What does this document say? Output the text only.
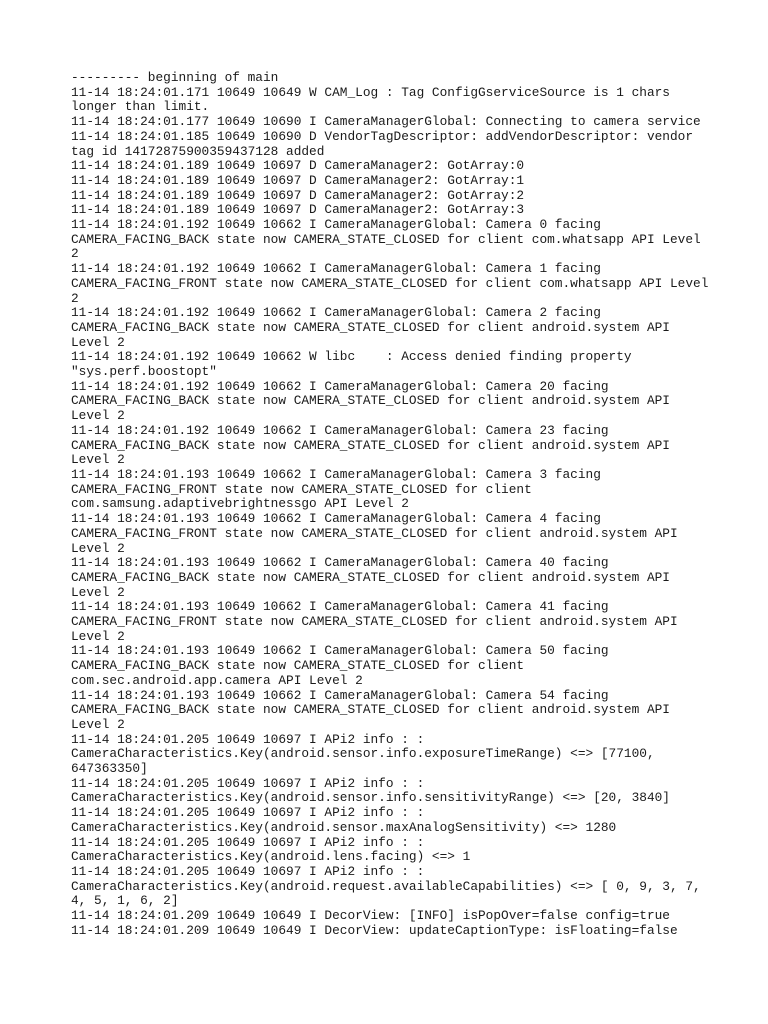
--------- beginning of main
11-14 18:24:01.171 10649 10649 W CAM_Log : Tag ConfigGserviceSource is 1 chars
longer than limit.
11-14 18:24:01.177 10649 10690 I CameraManagerGlobal: Connecting to camera service
11-14 18:24:01.185 10649 10690 D VendorTagDescriptor: addVendorDescriptor: vendor
tag id 14172875900359437128 added
11-14 18:24:01.189 10649 10697 D CameraManager2: GotArray:0
11-14 18:24:01.189 10649 10697 D CameraManager2: GotArray:1
11-14 18:24:01.189 10649 10697 D CameraManager2: GotArray:2
11-14 18:24:01.189 10649 10697 D CameraManager2: GotArray:3
11-14 18:24:01.192 10649 10662 I CameraManagerGlobal: Camera 0 facing
CAMERA_FACING_BACK state now CAMERA_STATE_CLOSED for client com.whatsapp API Level
2
11-14 18:24:01.192 10649 10662 I CameraManagerGlobal: Camera 1 facing
CAMERA_FACING_FRONT state now CAMERA_STATE_CLOSED for client com.whatsapp API Level
2
11-14 18:24:01.192 10649 10662 I CameraManagerGlobal: Camera 2 facing
CAMERA_FACING_BACK state now CAMERA_STATE_CLOSED for client android.system API
Level 2
11-14 18:24:01.192 10649 10662 W libc    : Access denied finding property
"sys.perf.boostopt"
11-14 18:24:01.192 10649 10662 I CameraManagerGlobal: Camera 20 facing
CAMERA_FACING_BACK state now CAMERA_STATE_CLOSED for client android.system API
Level 2
11-14 18:24:01.192 10649 10662 I CameraManagerGlobal: Camera 23 facing
CAMERA_FACING_BACK state now CAMERA_STATE_CLOSED for client android.system API
Level 2
11-14 18:24:01.193 10649 10662 I CameraManagerGlobal: Camera 3 facing
CAMERA_FACING_FRONT state now CAMERA_STATE_CLOSED for client
com.samsung.adaptivebrightnessgo API Level 2
11-14 18:24:01.193 10649 10662 I CameraManagerGlobal: Camera 4 facing
CAMERA_FACING_FRONT state now CAMERA_STATE_CLOSED for client android.system API
Level 2
11-14 18:24:01.193 10649 10662 I CameraManagerGlobal: Camera 40 facing
CAMERA_FACING_BACK state now CAMERA_STATE_CLOSED for client android.system API
Level 2
11-14 18:24:01.193 10649 10662 I CameraManagerGlobal: Camera 41 facing
CAMERA_FACING_FRONT state now CAMERA_STATE_CLOSED for client android.system API
Level 2
11-14 18:24:01.193 10649 10662 I CameraManagerGlobal: Camera 50 facing
CAMERA_FACING_BACK state now CAMERA_STATE_CLOSED for client
com.sec.android.app.camera API Level 2
11-14 18:24:01.193 10649 10662 I CameraManagerGlobal: Camera 54 facing
CAMERA_FACING_BACK state now CAMERA_STATE_CLOSED for client android.system API
Level 2
11-14 18:24:01.205 10649 10697 I APi2 info : :
CameraCharacteristics.Key(android.sensor.info.exposureTimeRange) <=> [77100,
647363350]
11-14 18:24:01.205 10649 10697 I APi2 info : :
CameraCharacteristics.Key(android.sensor.info.sensitivityRange) <=> [20, 3840]
11-14 18:24:01.205 10649 10697 I APi2 info : :
CameraCharacteristics.Key(android.sensor.maxAnalogSensitivity) <=> 1280
11-14 18:24:01.205 10649 10697 I APi2 info : :
CameraCharacteristics.Key(android.lens.facing) <=> 1
11-14 18:24:01.205 10649 10697 I APi2 info : :
CameraCharacteristics.Key(android.request.availableCapabilities) <=> [ 0, 9, 3, 7,
4, 5, 1, 6, 2]
11-14 18:24:01.209 10649 10649 I DecorView: [INFO] isPopOver=false config=true
11-14 18:24:01.209 10649 10649 I DecorView: updateCaptionType: isFloating=false
